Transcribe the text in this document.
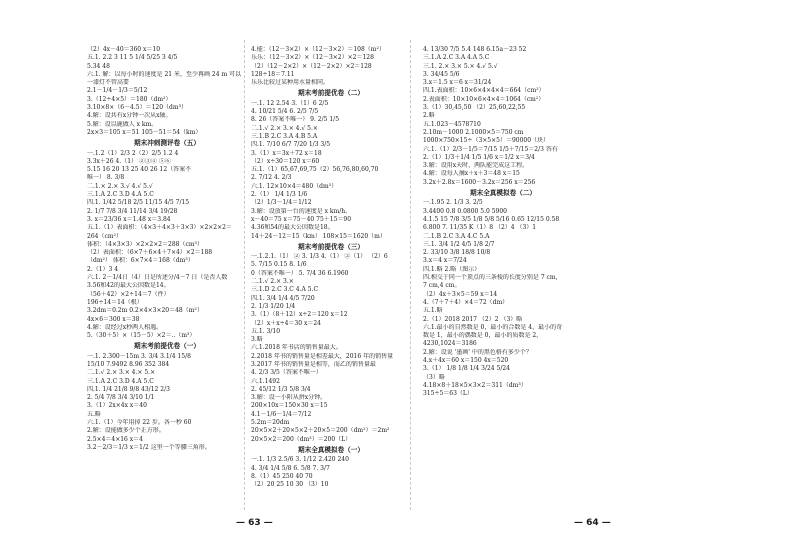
（2）4x－40＝360 x＝10
五.1. 2.2 3 11 5 1/4 5/25 3 4/5
5.34 48
六.1. 解：以每小时的速度是 21 米，至少再画 24 m 可以
一漆灯不管高要
2.1－1/4－1/3＝5/12
3.（12÷4×5）＝180（dm²）
3.10×8×（6－4.5）＝120（dm³）
4.解：设共有x分钟一次从x轴。
5.解：设以鹿做人 x km。
2x×3＝105 x＝51 105－51＝54（km）
期末冲刺测评卷（五）
一.1.2（1）2/3 2（2）2/5 1.2 4
3.3x＋26 4.（1） ②③④ ⑤⑥
5.15 16 20 13 25 40 26 12（答案不
唯一） 8. 3/8
二.1.× 2.× 3.√ 4.√ 5.√
三.1.A 2.C 3.D 4.A 5.C
四.1. 1/42 5/18 2/5 11/15 4/5 7/15
2. 1/7 7/8 3/4 11/14 3/4 19/28
3. x＝23/36 x＝1.48 x＝3.84
五.1.（1）表面积：（4×3＋4×3＋3×3）×2×2×2＝
264（cm²）
体积：（4×3×3）×2×2×2＝288（cm³）
（2）表面积：（6×7＋6×4＋7×4）×2＝188
（dm²） 体积：6×7×4＝168（dm³）
2.（1）3 4
六.1. 2－1/4日（4）日是所述分/4－7 日（是否人数
3.56和42的最大公因数是14。
（56＋42）×2÷14＝7（件）
196÷14＝14（根）
3.2dm＝0.2m 0.2×4×3×20＝48（m²）
4x×6＝300 x＝38
4.解：设经过x秒两人相遇。
5.（30＋5）×（15－5）×2＝..（m³）
期末考前提优卷（一）
一.1. 2.300－15m 3. 3/4 3.1/4 15/8
15/10 7.9492 8.96 352 384
二.1.√ 2.× 3.× 4.× 5.×
三.1.A 2.C 3.D 4.A 5.C
四.1. 1/4 21/8 9/8 43/12 2/3
2. 5/4 7/8 3/4 3/10 1/1
3.（1）2x×4x x＝40
五.略
六.1.（1）今年用掉 22 步。各一秒 60
2.解：设能做多少个正方形。
2.5×4＝4×16 x＝4
3.2－2/3＝1/3 x＝1/2 这里一个等腰三角形。
4.能：（12－3×2）×（12－3×2）＝108（m²）
乐乐：（12－3×2）×（12－3×2）×2＝128
（2）（12－2×2）×（12－2×2）×2＝128
128÷18＝7.11
乐乐比较过某种用水量相同。
期末考前提优卷（二）
一.1. 12 2.54 3.（1）6 2/5
4. 10/21 5/4 6. 2/5 7/5
8. 26（答案不唯一） 9. 2/5 1/5
二.1.√ 2.× 3.× 4.√ 5.×
三.1.B 2.C 3.A 4.B 5.A
四.1. 7/10 6/7 7/20 1/3 3/5
3.（1）x＝3x＋72 x＝18
（2）x÷30＝120 x＝60
五.1.（1）65,67,69,75（2）56,76,80,60,70
2. 7/12 4. 2/3
六.1. 12×10×4＝480（dm³）
2.（1） 1/4 1/3 1/6
（2）1/3－1/4＝1/12
3.解：设放第一台的速度是 x km/h。
x－40＝75 x＝75－40 75＋15＝90
4.36和54的最大公因数是18。
14＋24－12＝15（km） 108×15＝1620（m）
期末考前提优卷（三）
一.1.2.1.（1） ② 3. 1/3 4.（1） ②（1） （2）6
5. 7/15 0.15 8. 1/6
0（答案不唯一） 5. 7/4 36 6.1960
二.1.√ 2.× 3.×
三.1.D 2.C 3.C 4.A 5.C
四.1. 3/4 1/4 4/5 7/20
2. 1/3 1/20 1/4
3.（1）（8＋12）x÷2＝120 x＝12
（2）x＋x÷4＝30 x＝24
五.1. 3/10
3.略
六.1.2018 年书店的销售量最大。
2.2018 年书的销售量是相差最大，2016 年的销售量
3.2017 年书的销售量是相等，而乙的销售量最
4. 2/3 3/5（答案不唯一）
六.1.1492
2. 45/12 1/3 5/8 3/4
3.解：设一小阳从拼x分钟。
200×10x＝150×30 x＝15
4.1－1/6－1/4＝7/12
5.2m＝20dm
20×5×2＋20×5×2＋20×5＝200（dm²）＝2m²
20×5×2＝200（dm³）＝200（L）
期末全真模拟卷（一）
一.1. 1/3 2.5/6 3. 1/12 2.420 240
4. 3/4 1/4 5/8 6. 5/8 7. 3/7
8.（1）45 250 40 70
（2）20 25 10 30 （3）10
4. 13/30 7/5 5.4 148 6.15a－23 52
三.1.A 2.C 3.A 4.A 5.C
三.1. 2.× 3.× 5.× 4.√ 5.√
3. 34/45 5/6
3.x＝1.5 x＝6 x＝31/24
四.1.表面积：10×6×4×4×4＝664（cm²）
2.表面积：10×10×6×4×4＝1064（cm²）
3.（1）30,45,50 （2）25,60,22,55
2.略
五.1.023－4578710
2.10m－1000 2.1000×5＝750 cm
1000×750×15÷（3×5×5）＝90000（块）
六.1.（1）2/3－1/5＝7/15 1/5＋7/15＝2/3 答有
2.（1）1/3＋1/4 1/5 1/6 x＝1/2 x＝3/4
3.解：设用x天时，两队能完成这工程。
4.解：设每人摘x＋x＋3＝48 x＝15
3.2x＋2.8x＝1600－3.2x＝256 x＝256
期末全真模拟卷（二）
一.1.95 2. 1/3 3. 2/5
3.4400 0.8 0.0800 5.0 5900
4.1.5 15 7/8 3/5 1/8 5/8 5/16 0.65 12/15 0.58
6.800 7. 11/35 K（1）8 （2）4 （3）1
二.1.B 2.C 3.A 4.C 5.A
三.1. 3/4 1/2 4/5 1/8 2/7
2. 33/10 3/8 18/8 10/8
3.x＝4 x＝7/24
四.1.略 2.略（图示）
四.相交于同一个顶点的三条棱的长度分别是 7 cm,
7 cm,4 cm。
（2）4x＋3×5＝59 x＝14
4.（7＋7＋4）×4＝72（dm）
五.1.略
2.（1）2018 2017 （2）2 （3）略
六.1.最小的自然数是 0，最小的合数是 4，最小的奇
数是 1，最小的偶数是 0，最小的质数是 2，
4230,1024＝3186
2.解：设说 '墨画' 中的黑色格有多少个？
4.x＋4x＝60 x＝150 4x＝520
3.（1） 1/8 1/8 1/4 3/24 5/24
（3）略
4.18×8＋18×5×3×2＝311（dm³）
315÷5＝63（L）
— 63 —	— 64 —
